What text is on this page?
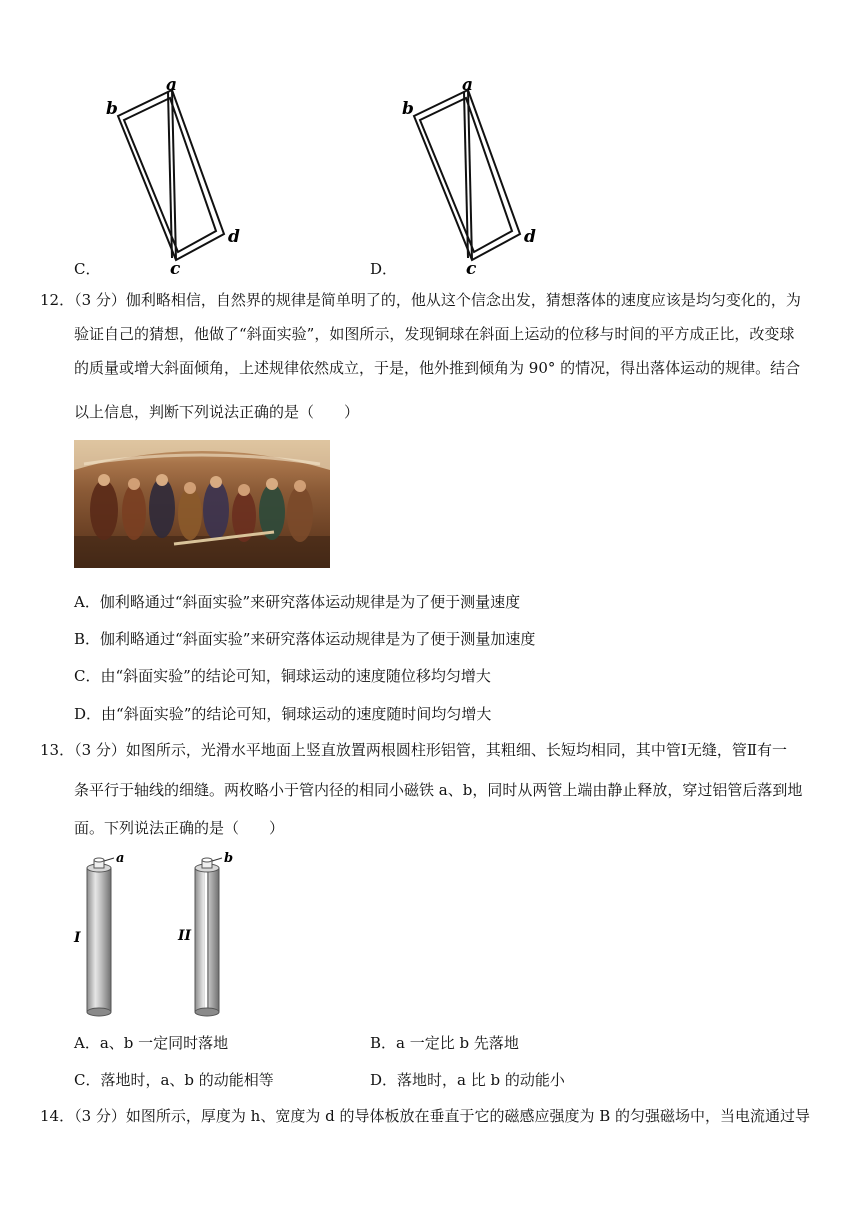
b
a
d
c
C．
b
a
d
c
D．
12．（3 分）伽利略相信，自然界的规律是简单明了的，他从这个信念出发，猜想落体的速度应该是均匀变化的，为
验证自己的猜想，他做了“斜面实验”，如图所示，发现铜球在斜面上运动的位移与时间的平方成正比，改变球
的质量或增大斜面倾角，上述规律依然成立，于是，他外推到倾角为 90° 的情况，得出落体运动的规律。结合
以上信息，判断下列说法正确的是（　　）
A．伽利略通过“斜面实验”来研究落体运动规律是为了便于测量速度
B．伽利略通过“斜面实验”来研究落体运动规律是为了便于测量加速度
C．由“斜面实验”的结论可知，铜球运动的速度随位移均匀增大
D．由“斜面实验”的结论可知，铜球运动的速度随时间均匀增大
13．（3 分）如图所示，光滑水平地面上竖直放置两根圆柱形铝管，其粗细、长短均相同，其中管Ⅰ无缝，管Ⅱ有一
条平行于轴线的细缝。两枚略小于管内径的相同小磁铁 a、b，同时从两管上端由静止释放，穿过铝管后落到地
面。下列说法正确的是（　　）
a
I
b
II
A．a、b 一定同时落地	B．a 一定比 b 先落地
C．落地时，a、b 的动能相等	D．落地时，a 比 b 的动能小
14．（3 分）如图所示，厚度为 h、宽度为 d 的导体板放在垂直于它的磁感应强度为 B 的匀强磁场中，当电流通过导
